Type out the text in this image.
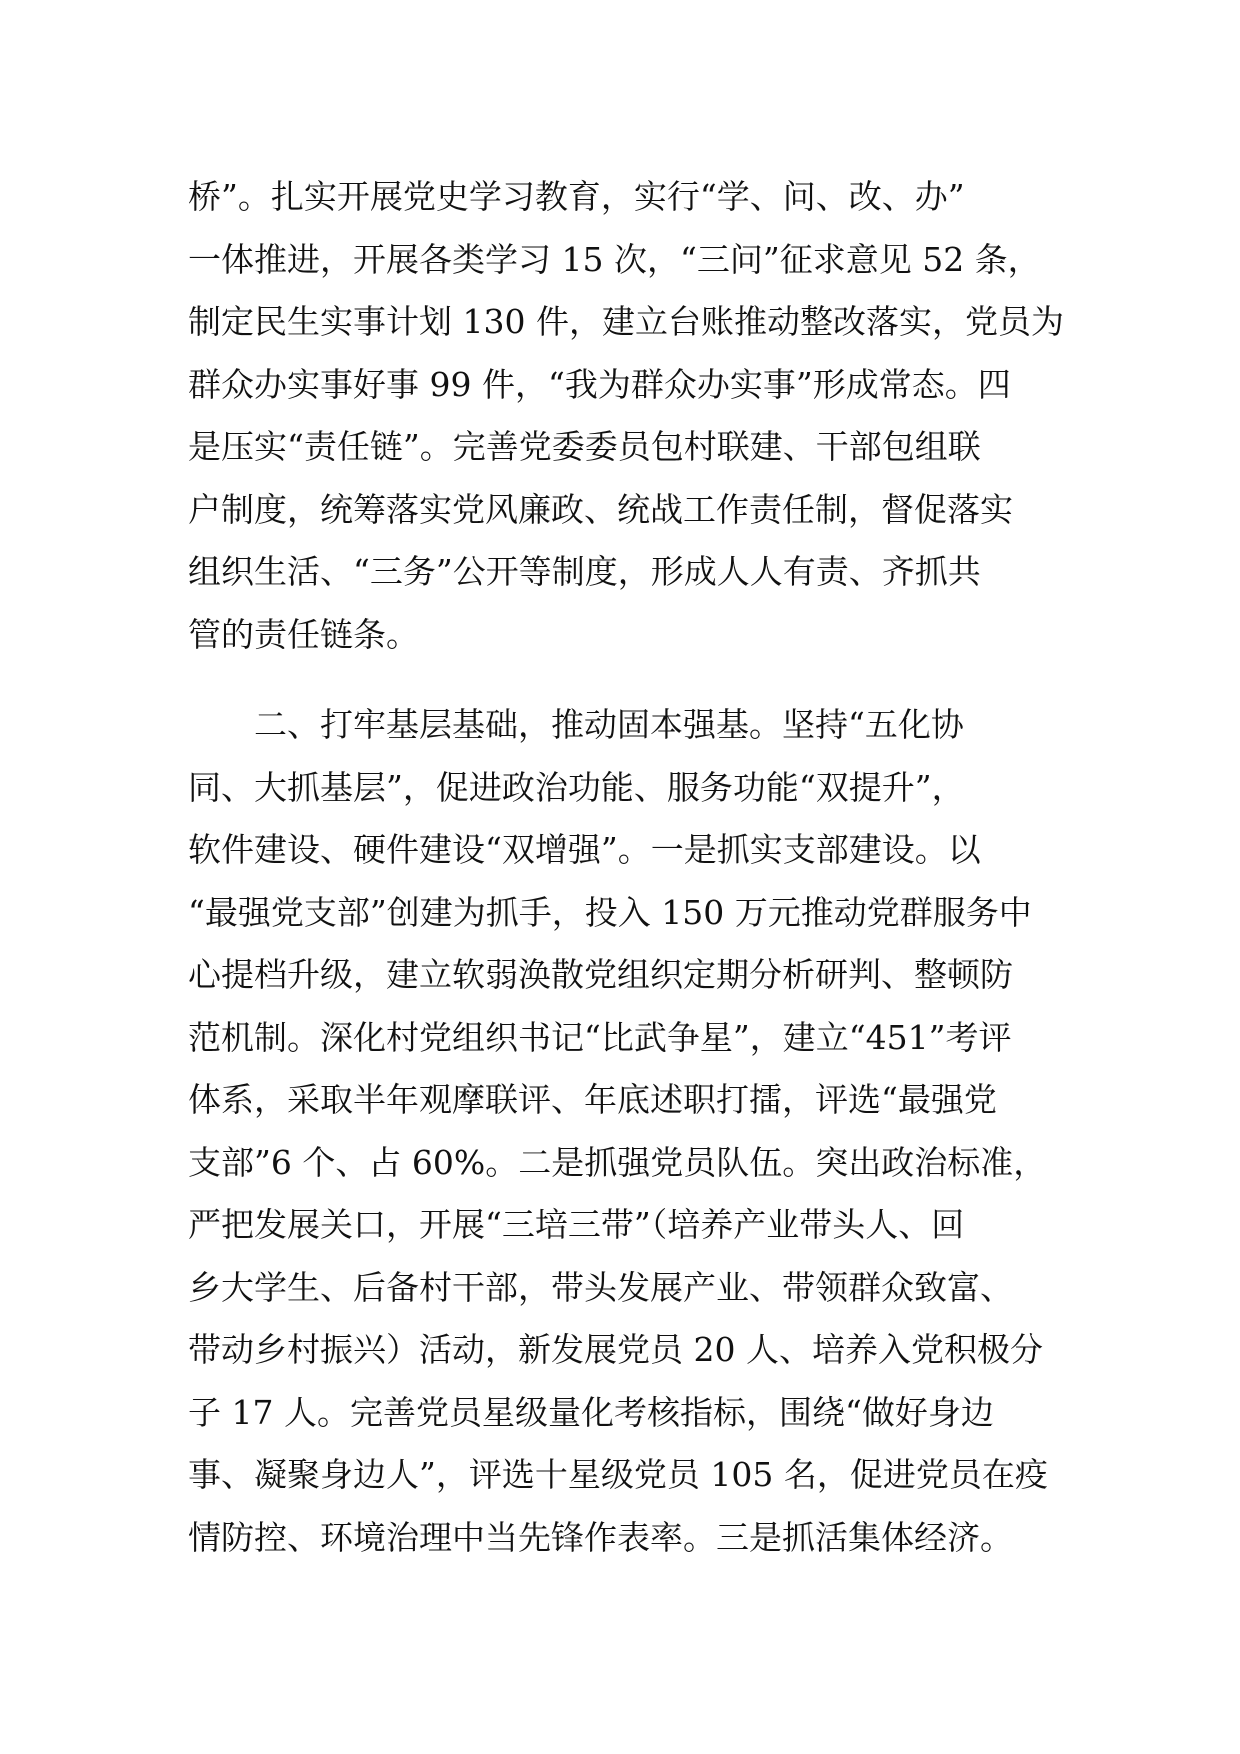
桥”。扎实开展党史学习教育，实行“学、问、改、办”
一体推进，开展各类学习 15 次，“三问”征求意见 52 条，
制定民生实事计划 130 件，建立台账推动整改落实，党员为
群众办实事好事 99 件，“我为群众办实事”形成常态。四
是压实“责任链”。完善党委委员包村联建、干部包组联
户制度，统筹落实党风廉政、统战工作责任制，督促落实
组织生活、“三务”公开等制度，形成人人有责、齐抓共
管的责任链条。
二、打牢基层基础，推动固本强基。坚持“五化协
同、大抓基层”，促进政治功能、服务功能“双提升”，
软件建设、硬件建设“双增强”。一是抓实支部建设。以
“最强党支部”创建为抓手，投入 150 万元推动党群服务中
心提档升级，建立软弱涣散党组织定期分析研判、整顿防
范机制。深化村党组织书记“比武争星”，建立“451”考评
体系，采取半年观摩联评、年底述职打擂，评选“最强党
支部”6 个、占 60%。二是抓强党员队伍。突出政治标准，
严把发展关口，开展“三培三带”（培养产业带头人、回
乡大学生、后备村干部，带头发展产业、带领群众致富、
带动乡村振兴）活动，新发展党员 20 人、培养入党积极分
子 17 人。完善党员星级量化考核指标，围绕“做好身边
事、凝聚身边人”，评选十星级党员 105 名，促进党员在疫
情防控、环境治理中当先锋作表率。三是抓活集体经济。
